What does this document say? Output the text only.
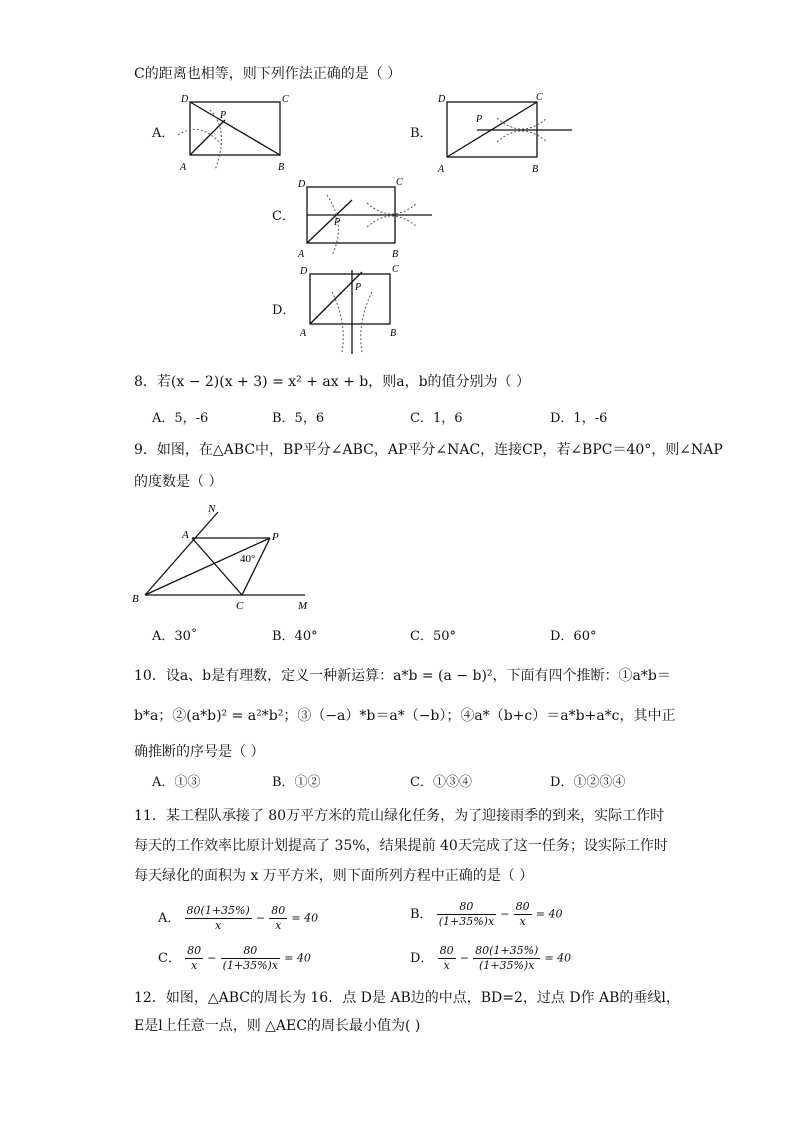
C的距离也相等，则下列作法正确的是（ ）
A．
D	C
A	B
P
B．
D	C
A	B
P
C．
D	C
A	B
P
D．
D	C
A	B
P
8．若(x − 2)(x + 3) = x² + ax + b，则a，b的值分别为（ ）
A．5，-6	B．5，6	C．1，6	D．1，-6
9．如图，在△ABC中，BP平分∠ABC，AP平分∠NAC，连接CP，若∠BPC＝40°，则∠NAP
的度数是（ ）
N
A	P
40°
B
C	M
A．30˚	B．40°	C．50°	D．60°
10．设a、b是有理数，定义一种新运算：a*b = (a − b)²，下面有四个推断：①a*b＝
b*a；②(a*b)² = a²*b²；③（−a）*b＝a*（−b）；④a*（b+c）＝a*b+a*c，其中正
确推断的序号是（ ）
A．①③	B．①②	C．①③④	D．①②③④
11．某工程队承接了 80万平方米的荒山绿化任务，为了迎接雨季的到来，实际工作时
每天的工作效率比原计划提高了 35%，结果提前 40天完成了这一任务；设实际工作时
每天绿化的面积为 x 万平方米，则下面所列方程中正确的是（ ）
A． $\frac{80(1+35\%)}{x} - \frac{80}{x} = 40$	B． $\frac{80}{(1+35\%)x} - \frac{80}{x} = 40$
C． $\frac{80}{x} - \frac{80}{(1+35\%)x} = 40$	D． $\frac{80}{x} - \frac{80(1+35\%)}{(1+35\%)x} = 40$
12．如图，△ABC的周长为 16．点 D是 AB边的中点，BD=2，过点 D作 AB的垂线l，
E是l上任意一点，则 △AEC的周长最小值为( )
